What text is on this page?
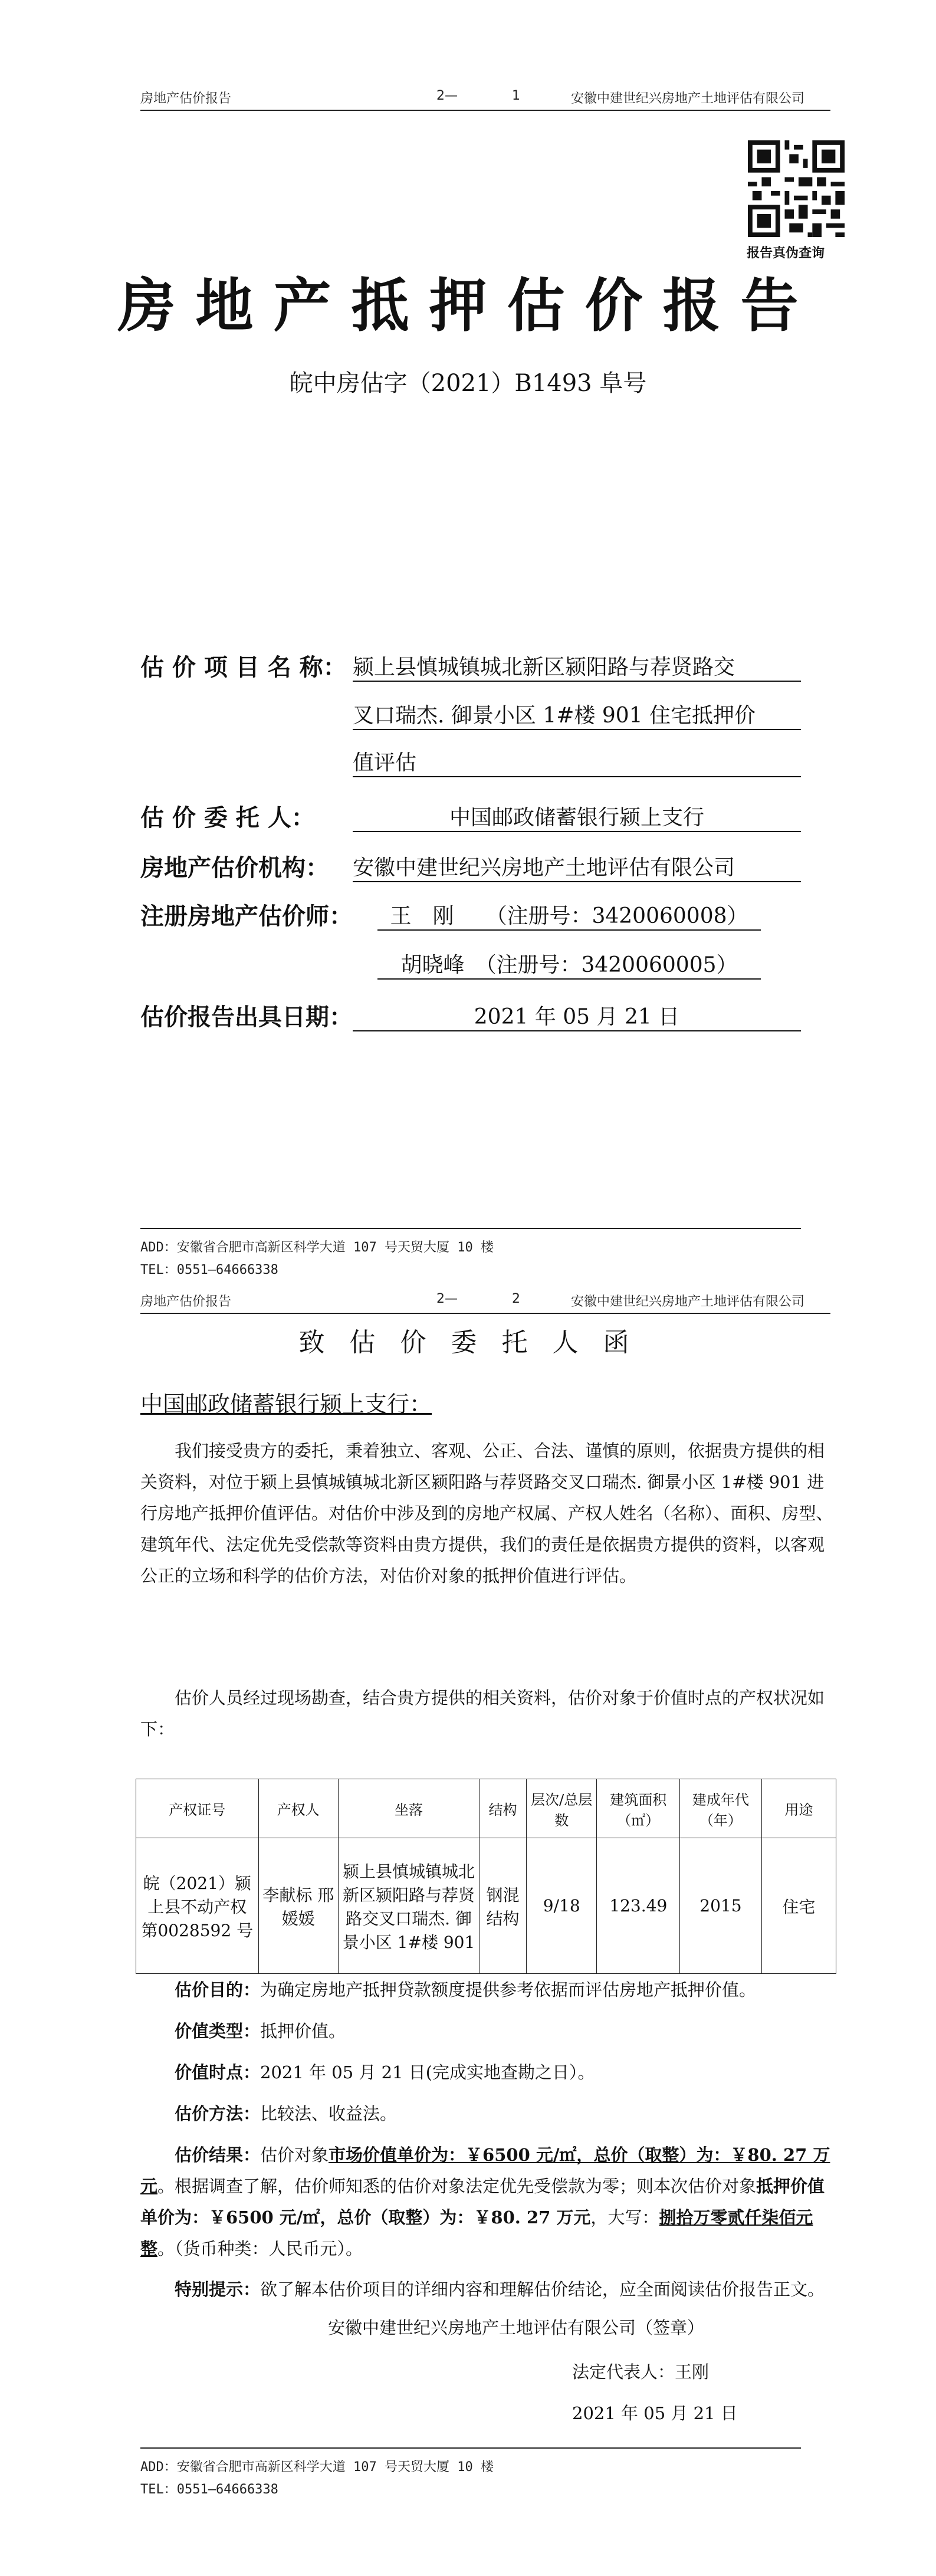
房地产估价报告	2—	1	安徽中建世纪兴房地产土地评估有限公司
报告真伪查询
房地产抵押估价报告
皖中房估字（2021）B1493 阜号
估 价 项 目 名 称： 颍上县慎城镇城北新区颍阳路与荐贤路交
叉口瑞杰. 御景小区 1#楼 901 住宅抵押价
值评估
估 价 委 托 人：	中国邮政储蓄银行颍上支行
房地产估价机构： 安徽中建世纪兴房地产土地评估有限公司
注册房地产估价师：	王　刚　　（注册号：3420060008）
胡晓峰　（注册号：3420060005）
估价报告出具日期：	2021 年 05 月 21 日
ADD：安徽省合肥市高新区科学大道 107 号天贸大厦 10 楼
TEL：0551—64666338
房地产估价报告	2—	2	安徽中建世纪兴房地产土地评估有限公司
致 估 价 委 托 人 函
中国邮政储蓄银行颍上支行：
我们接受贵方的委托，秉着独立、客观、公正、合法、谨慎的原则，依据贵方提供的相关资料，对位于颍上县慎城镇城北新区颍阳路与荐贤路交叉口瑞杰. 御景小区 1#楼 901 进行房地产抵押价值评估。对估价中涉及到的房地产权属、产权人姓名（名称）、面积、房型、建筑年代、法定优先受偿款等资料由贵方提供，我们的责任是依据贵方提供的资料，以客观公正的立场和科学的估价方法，对估价对象的抵押价值进行评估。
估价人员经过现场勘查，结合贵方提供的相关资料，估价对象于价值时点的产权状况如下：
产权证号	产权人	坐落	结构	层次/总层数	建筑面积（㎡）	建成年代（年）	用途
皖（2021）颍上县不动产权第0028592 号	李献标 邢媛媛	颍上县慎城镇城北新区颍阳路与荐贤路交叉口瑞杰. 御景小区 1#楼 901	钢混结构	9/18	123.49	2015	住宅
估价目的：为确定房地产抵押贷款额度提供参考依据而评估房地产抵押价值。
价值类型：抵押价值。
价值时点：2021 年 05 月 21 日(完成实地查勘之日）。
估价方法：比较法、收益法。
估价结果：估价对象市场价值单价为：￥6500 元/㎡，总价（取整）为：￥80. 27 万元。根据调查了解，估价师知悉的估价对象法定优先受偿款为零；则本次估价对象抵押价值单价为：￥6500 元/㎡，总价（取整）为：￥80. 27 万元，大写：捌拾万零贰仟柒佰元整。（货币种类：人民币元）。
特别提示：欲了解本估价项目的详细内容和理解估价结论，应全面阅读估价报告正文。
安徽中建世纪兴房地产土地评估有限公司（签章）
法定代表人：王刚
2021 年 05 月 21 日
ADD：安徽省合肥市高新区科学大道 107 号天贸大厦 10 楼
TEL：0551—64666338
